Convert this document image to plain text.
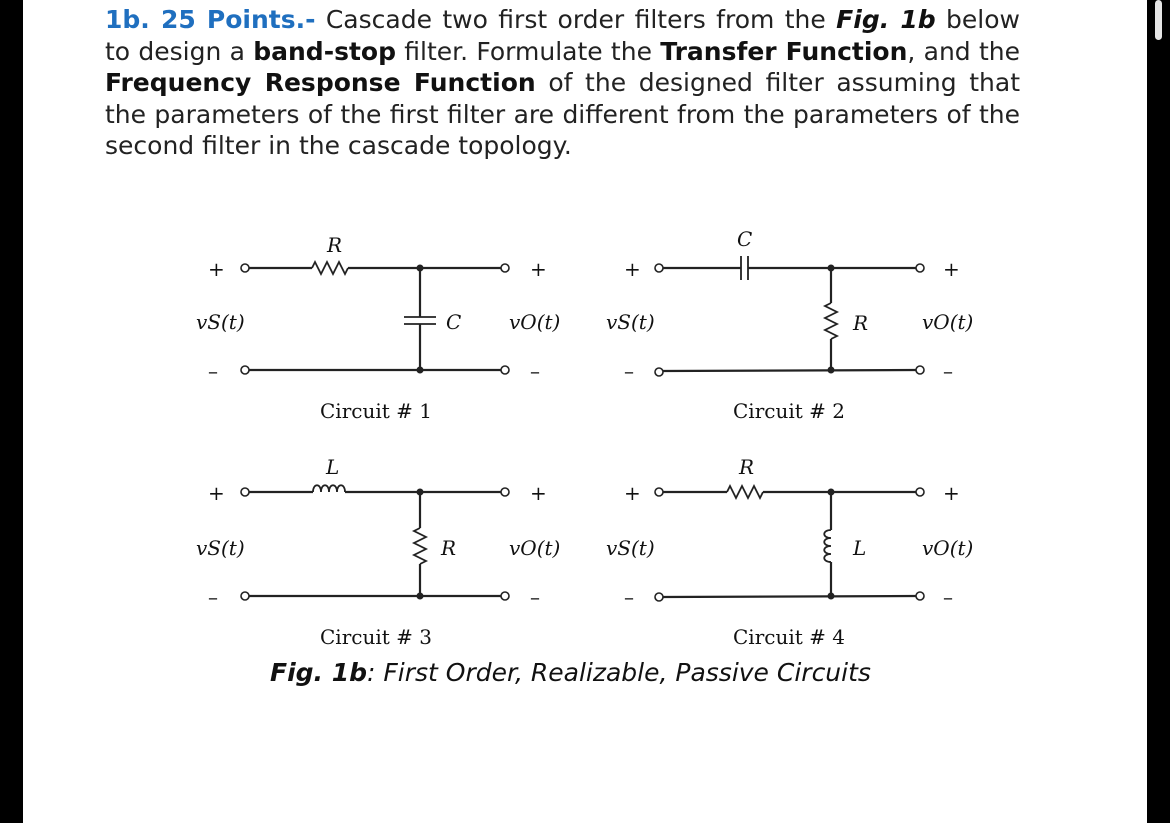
1b. 25 Points.- Cascade two first order filters from the Fig. 1b below to design a band-stop filter. Formulate the Transfer Function, and the Frequency Response Function of the designed filter assuming that the parameters of the first filter are different from the parameters of the second filter in the cascade topology.
+	+
R
C
vS(t)	vO(t)
–	–
Circuit # 1
+	+
C
R
vS(t)	vO(t)
–	–
Circuit # 2
+	+
L
R
vS(t)	vO(t)
–	–
Circuit # 3
+	+
R
L
vS(t)	vO(t)
–	–
Circuit # 4
Fig. 1b: First Order, Realizable, Passive Circuits
